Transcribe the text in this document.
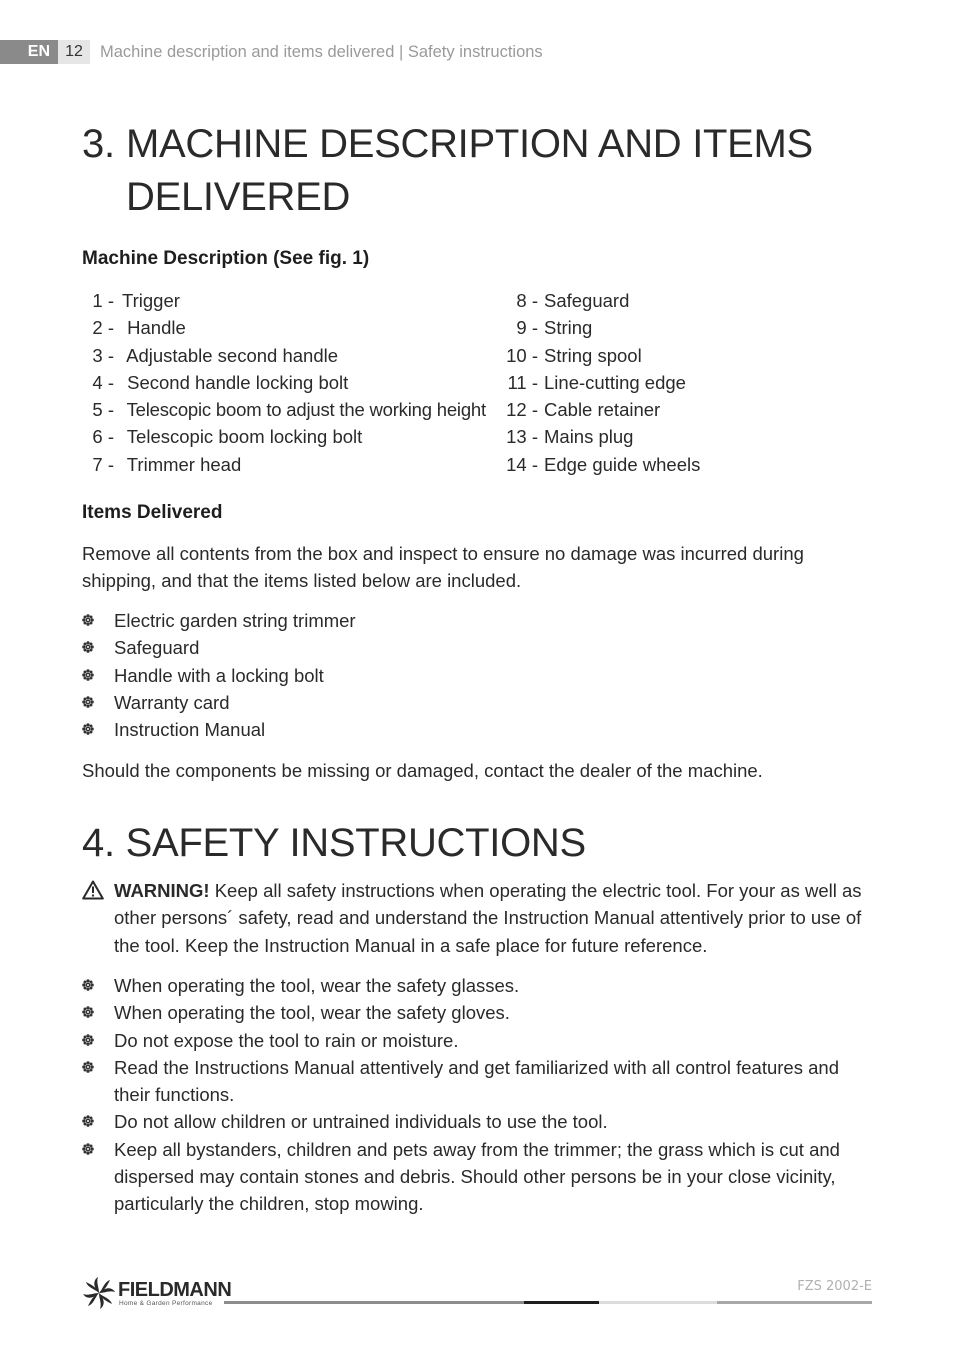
EN 12	Machine description and items delivered | Safety instructions
3. MACHINE DESCRIPTION AND ITEMS
DELIVERED
Machine Description (See fig. 1)
1 - Trigger
2 - Handle
3 - Adjustable second handle
4 - Second handle locking bolt
5 - Telescopic boom to adjust the working height
6 - Telescopic boom locking bolt
7 - Trimmer head
8 - Safeguard
9 - String
10 - String spool
11 - Line-cutting edge
12 - Cable retainer
13 - Mains plug
14 - Edge guide wheels
Items Delivered
Remove all contents from the box and inspect to ensure no damage was incurred during shipping, and that the items listed below are included.
Electric garden string trimmer
Safeguard
Handle with a locking bolt
Warranty card
Instruction Manual
Should the components be missing or damaged, contact the dealer of the machine.
4. SAFETY INSTRUCTIONS
WARNING! Keep all safety instructions when operating the electric tool. For your as well as other persons´ safety, read and understand the Instruction Manual attentively prior to use of the tool. Keep the Instruction Manual in a safe place for future reference.
When operating the tool, wear the safety glasses.
When operating the tool, wear the safety gloves.
Do not expose the tool to rain or moisture.
Read the Instructions Manual attentively and get familiarized with all control features and their functions.
Do not allow children or untrained individuals to use the tool.
Keep all bystanders, children and pets away from the trimmer; the grass which is cut and dispersed may contain stones and debris. Should other persons be in your close vicinity, particularly the children, stop mowing.
FIELDMANN
Home & Garden Performance
FZS 2002-E
